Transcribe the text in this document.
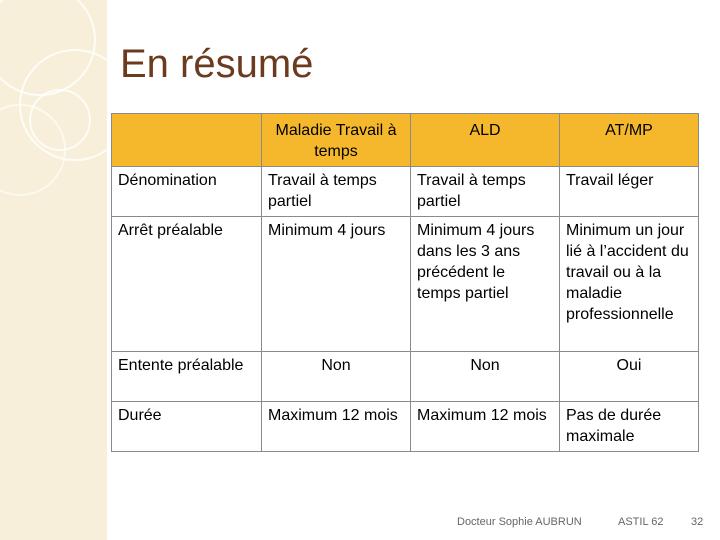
En résumé
	Maladie Travail à temps	ALD	AT/MP
Dénomination	Travail à temps partiel	Travail à temps partiel	Travail léger
Arrêt préalable	Minimum 4 jours	Minimum 4 jours dans les 3 ans précédent le temps partiel	Minimum un jour lié à l’accident du travail ou à la maladie professionnelle
Entente préalable	Non	Non	Oui
Durée	Maximum 12 mois	Maximum 12 mois	Pas de durée maximale
Docteur Sophie AUBRUN	ASTIL 62	32
